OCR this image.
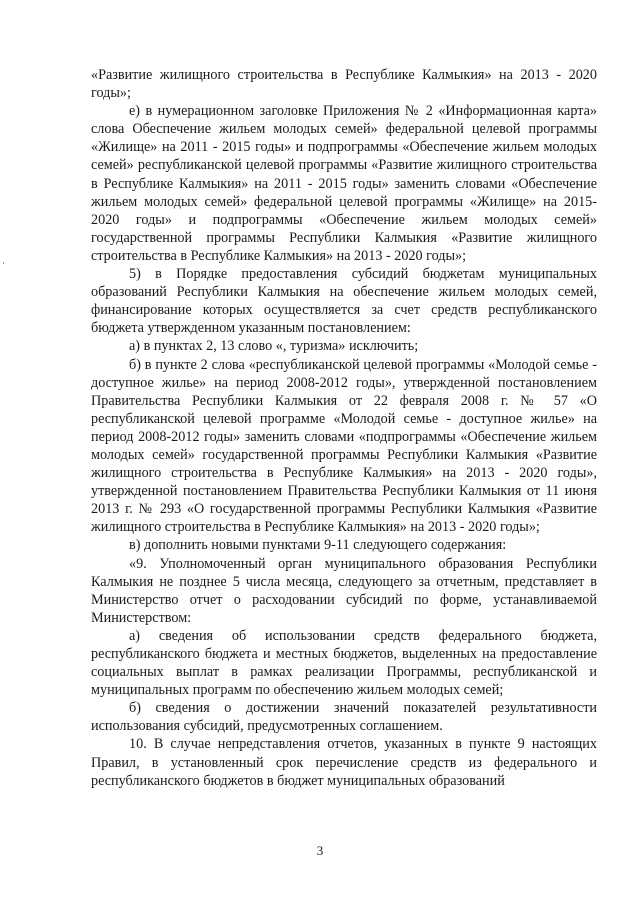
«Развитие жилищного строительства в Республике Калмыкия» на 2013 - 2020 годы»;

е) в нумерационном заголовке Приложения № 2 «Информационная карта» слова Обеспечение жильем молодых семей» федеральной целевой программы «Жилище» на 2011 - 2015 годы» и подпрограммы «Обеспечение жильем молодых семей» республиканской целевой программы «Развитие жилищного строительства в Республике Калмыкия» на 2011 - 2015 годы» заменить словами «Обеспечение жильем молодых семей» федеральной целевой программы «Жилище» на 2015-2020 годы» и подпрограммы «Обеспечение жильем молодых семей» государственной программы Республики Калмыкия «Развитие жилищного строительства в Республике Калмыкия» на 2013 - 2020 годы»;

5) в Порядке предоставления субсидий бюджетам муниципальных образований Республики Калмыкия на обеспечение жильем молодых семей, финансирование которых осуществляется за счет средств республиканского бюджета утвержденном указанным постановлением:

а) в пунктах 2, 13 слово «, туризма» исключить;

б) в пункте 2 слова «республиканской целевой программы «Молодой семье - доступное жилье» на период 2008-2012 годы», утвержденной постановлением Правительства Республики Калмыкия от 22 февраля 2008 г. № 57 «О республиканской целевой программе «Молодой семье - доступное жилье» на период 2008-2012 годы» заменить словами «подпрограммы «Обеспечение жильем молодых семей» государственной программы Республики Калмыкия «Развитие жилищного строительства в Республике Калмыкия» на 2013 - 2020 годы», утвержденной постановлением Правительства Республики Калмыкия от 11 июня 2013 г. № 293 «О государственной программы Республики Калмыкия «Развитие жилищного строительства в Республике Калмыкия» на 2013 - 2020 годы»;

в) дополнить новыми пунктами 9-11 следующего содержания:

«9. Уполномоченный орган муниципального образования Республики Калмыкия не позднее 5 числа месяца, следующего за отчетным, представляет в Министерство отчет о расходовании субсидий по форме, устанавливаемой Министерством:

а) сведения об использовании средств федерального бюджета, республиканского бюджета и местных бюджетов, выделенных на предоставление социальных выплат в рамках реализации Программы, республиканской и муниципальных программ по обеспечению жильем молодых семей;

б) сведения о достижении значений показателей результативности использования субсидий, предусмотренных соглашением.

10. В случае непредставления отчетов, указанных в пункте 9 настоящих Правил, в установленный срок перечисление средств из федерального и республиканского бюджетов в бюджет муниципальных образований

3
